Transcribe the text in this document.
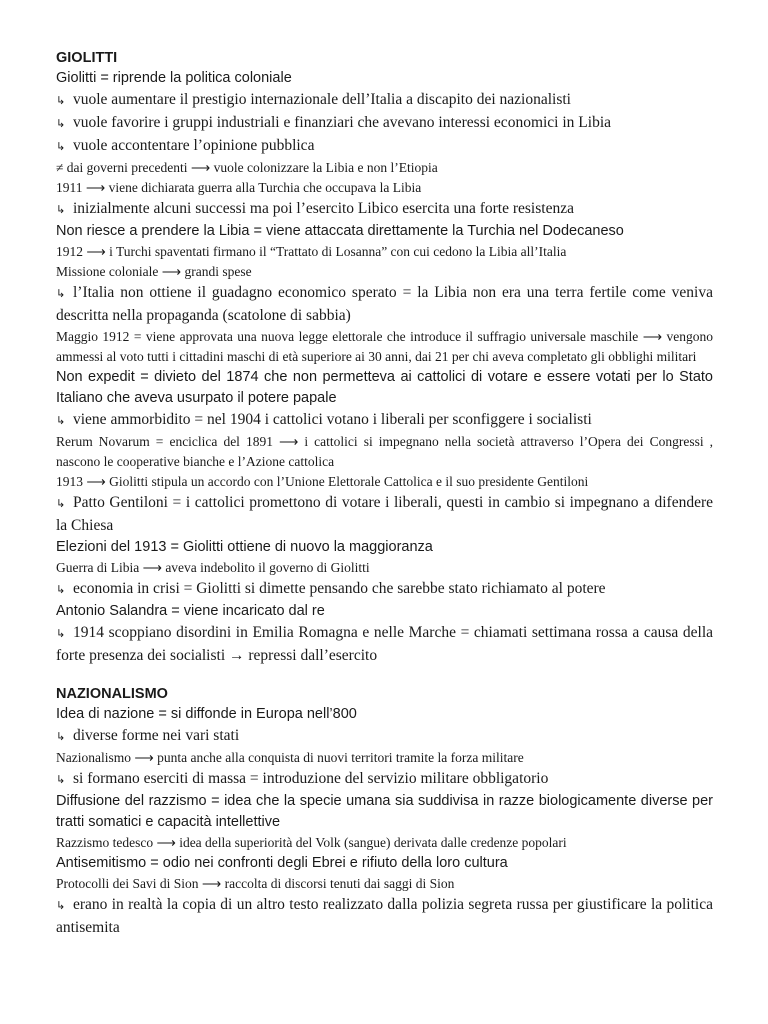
GIOLITTI
Giolitti = riprende la politica coloniale
↳ vuole aumentare il prestigio internazionale dell’Italia a discapito dei nazionalisti
↳ vuole favorire i gruppi industriali e finanziari che avevano interessi economici in Libia
↳ vuole accontentare l’opinione pubblica
≠ dai governi precedenti ⟶ vuole colonizzare la Libia e non l’Etiopia
1911 ⟶ viene dichiarata guerra alla Turchia che occupava la Libia
↳ inizialmente alcuni successi ma poi l’esercito Libico esercita una forte resistenza
Non riesce a prendere la Libia = viene attaccata direttamente la Turchia nel Dodecaneso
1912 ⟶ i Turchi spaventati firmano il “Trattato di Losanna” con cui cedono la Libia all’Italia
Missione coloniale ⟶ grandi spese
↳ l’Italia non ottiene il guadagno economico sperato = la Libia non era una terra fertile come veniva descritta nella propaganda (scatolone di sabbia)
Maggio 1912 = viene approvata una nuova legge elettorale che introduce il suffragio universale maschile ⟶ vengono ammessi al voto tutti i cittadini maschi di età superiore ai 30 anni, dai 21 per chi aveva completato gli obblighi militari
Non expedit = divieto del 1874 che non permetteva ai cattolici di votare e essere votati per lo Stato Italiano che aveva usurpato il potere papale
↳ viene ammorbidito = nel 1904 i cattolici votano i liberali per sconfiggere i socialisti
Rerum Novarum = enciclica del 1891 ⟶ i cattolici si impegnano nella società attraverso l’Opera dei Congressi , nascono le cooperative bianche e l’Azione cattolica
1913 ⟶ Giolitti stipula un accordo con l’Unione Elettorale Cattolica e il suo presidente Gentiloni
↳ Patto Gentiloni = i cattolici promettono di votare i liberali, questi in cambio si impegnano a difendere la Chiesa
Elezioni del 1913 = Giolitti ottiene di nuovo la maggioranza
Guerra di Libia ⟶ aveva indebolito il governo di Giolitti
↳ economia in crisi = Giolitti si dimette pensando che sarebbe stato richiamato al potere
Antonio Salandra = viene incaricato dal re
↳ 1914 scoppiano disordini in Emilia Romagna e nelle Marche = chiamati settimana rossa a causa della forte presenza dei socialisti → repressi dall’esercito
NAZIONALISMO
Idea di nazione = si diffonde in Europa nell’800
↳ diverse forme nei vari stati
Nazionalismo ⟶ punta anche alla conquista di nuovi territori tramite la forza militare
↳ si formano eserciti di massa = introduzione del servizio militare obbligatorio
Diffusione del razzismo = idea che la specie umana sia suddivisa in razze biologicamente diverse per tratti somatici e capacità intellettive
Razzismo tedesco ⟶ idea della superiorità del Volk (sangue) derivata dalle credenze popolari
Antisemitismo = odio nei confronti degli Ebrei e rifiuto della loro cultura
Protocolli dei Savi di Sion ⟶ raccolta di discorsi tenuti dai saggi di Sion
↳ erano in realtà la copia di un altro testo realizzato dalla polizia segreta russa per giustificare la politica antisemita
